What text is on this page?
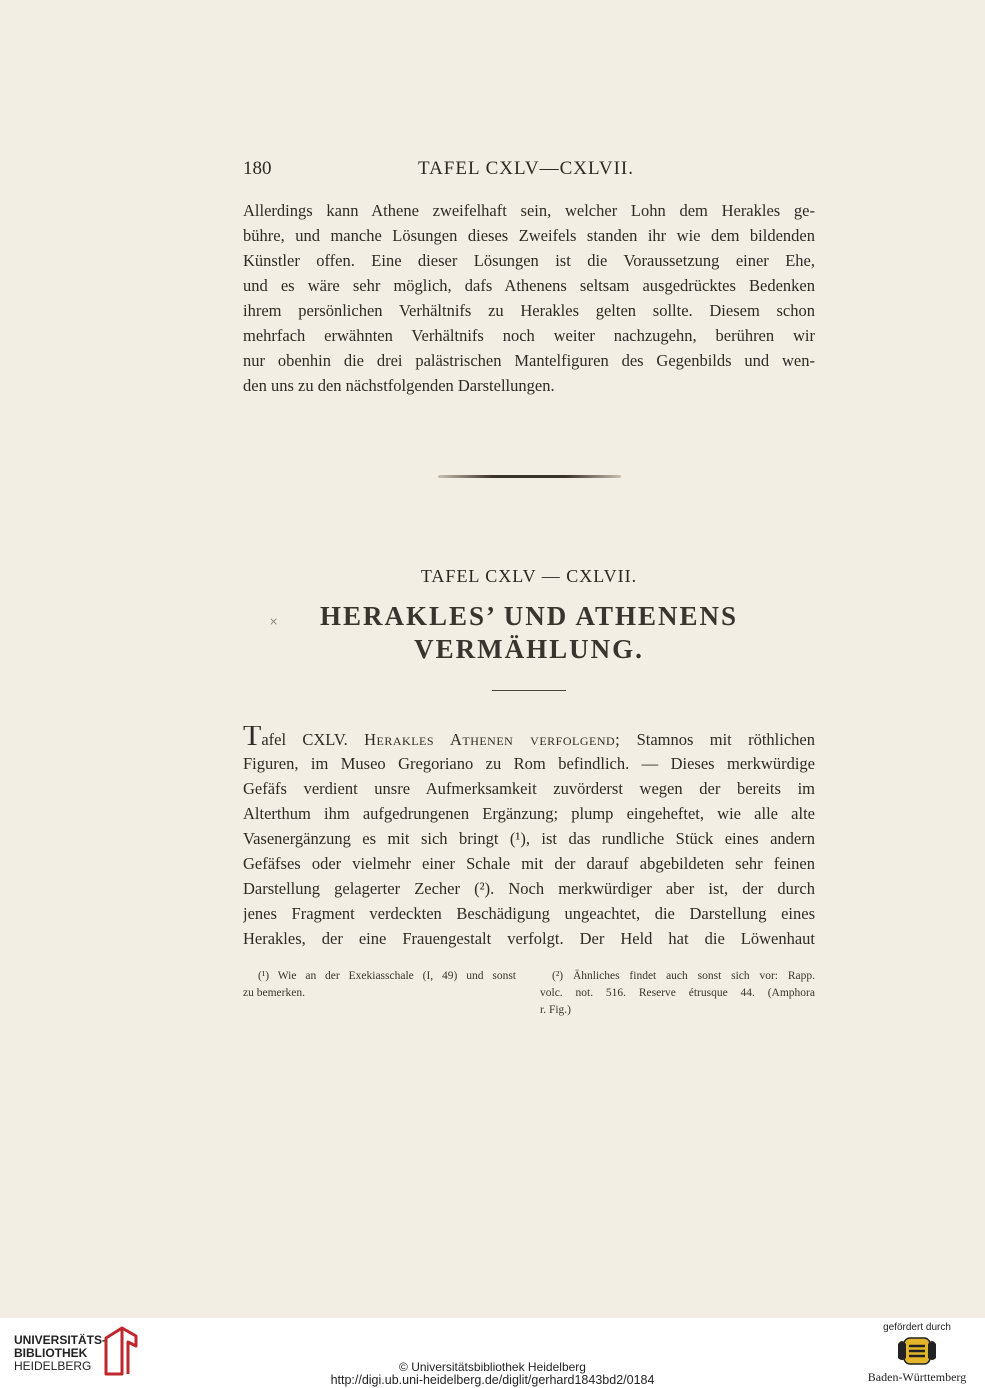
180	TAFEL CXLV—CXLVII.
Allerdings kann Athene zweifelhaft sein, welcher Lohn dem Herakles ge-
bühre, und manche Lösungen dieses Zweifels standen ihr wie dem bildenden
Künstler offen. Eine dieser Lösungen ist die Voraussetzung einer Ehe,
und es wäre sehr möglich, dafs Athenens seltsam ausgedrücktes Bedenken
ihrem persönlichen Verhältnifs zu Herakles gelten sollte. Diesem schon
mehrfach erwähnten Verhältnifs noch weiter nachzugehn, berühren wir
nur obenhin die drei palästrischen Mantelfiguren des Gegenbilds und wen-
den uns zu den nächstfolgenden Darstellungen.
TAFEL CXLV — CXLVII.
HERAKLES’ UND ATHENENS
VERMÄHLUNG.
×
Tafel CXLV. Herakles Athenen verfolgend; Stamnos mit röthlichen
Figuren, im Museo Gregoriano zu Rom befindlich. — Dieses merkwürdige
Gefäfs verdient unsre Aufmerksamkeit zuvörderst wegen der bereits im
Alterthum ihm aufgedrungenen Ergänzung; plump eingeheftet, wie alle alte
Vasenergänzung es mit sich bringt (¹), ist das rundliche Stück eines andern
Gefäfses oder vielmehr einer Schale mit der darauf abgebildeten sehr feinen
Darstellung gelagerter Zecher (²). Noch merkwürdiger aber ist, der durch
jenes Fragment verdeckten Beschädigung ungeachtet, die Darstellung eines
Herakles, der eine Frauengestalt verfolgt. Der Held hat die Löwenhaut
(¹) Wie an der Exekiasschale (I, 49) und sonst
zu bemerken.
(²) Ähnliches findet auch sonst sich vor: Rapp.
volc. not. 516. Reserve étrusque 44. (Amphora
r. Fig.)
UNIVERSITÄTS-
BIBLIOTHEK
HEIDELBERG	© Universitätsbibliothek Heidelberg
http://digi.ub.uni-heidelberg.de/diglit/gerhard1843bd2/0184
gefördert durch
Baden-Württemberg
